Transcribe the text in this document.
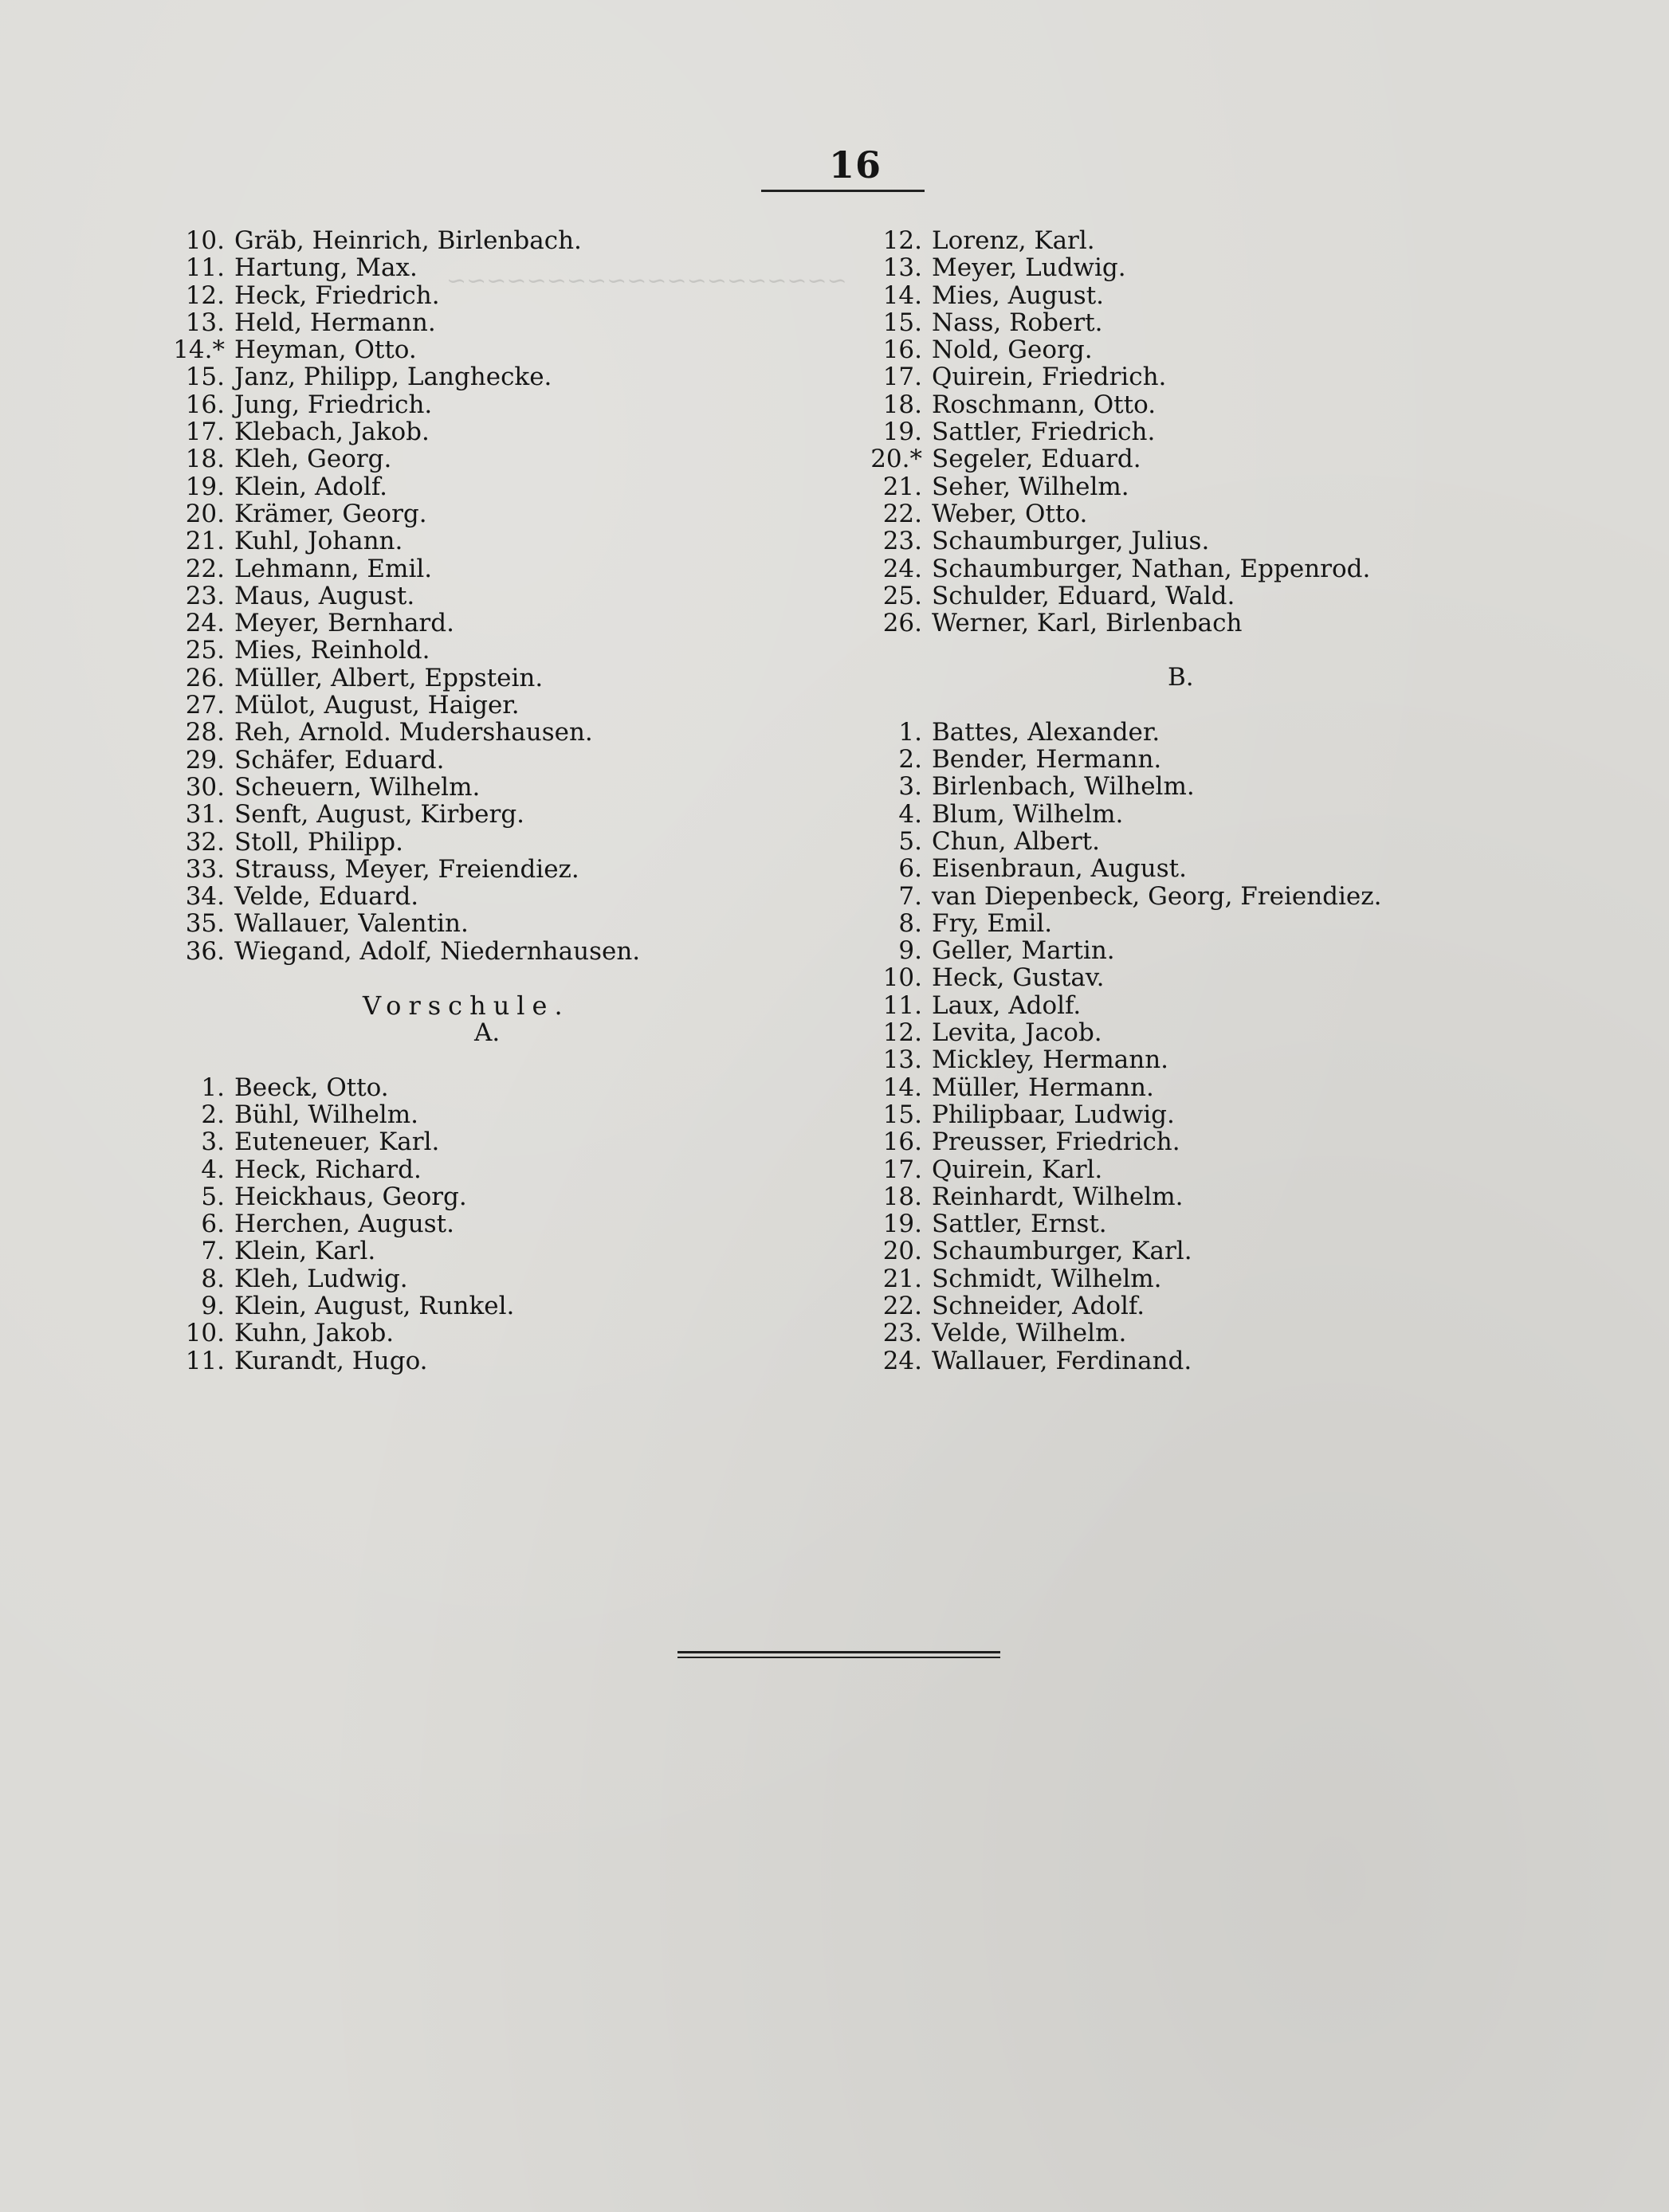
~~~~~~~~~~~~~~~~~~~~

16
10. Gräb, Heinrich, Birlenbach.
11. Hartung, Max.
12. Heck, Friedrich.
13. Held, Hermann.
14.* Heyman, Otto.
15. Janz, Philipp, Langhecke.
16. Jung, Friedrich.
17. Klebach, Jakob.
18. Kleh, Georg.
19. Klein, Adolf.
20. Krämer, Georg.
21. Kuhl, Johann.
22. Lehmann, Emil.
23. Maus, August.
24. Meyer, Bernhard.
25. Mies, Reinhold.
26. Müller, Albert, Eppstein.
27. Mülot, August, Haiger.
28. Reh, Arnold. Mudershausen.
29. Schäfer, Eduard.
30. Scheuern, Wilhelm.
31. Senft, August, Kirberg.
32. Stoll, Philipp.
33. Strauss, Meyer, Freiendiez.
34. Velde, Eduard.
35. Wallauer, Valentin.
36. Wiegand, Adolf, Niedernhausen.
Vorschule.
A.
1. Beeck, Otto.
2. Bühl, Wilhelm.
3. Euteneuer, Karl.
4. Heck, Richard.
5. Heickhaus, Georg.
6. Herchen, August.
7. Klein, Karl.
8. Kleh, Ludwig.
9. Klein, August, Runkel.
10. Kuhn, Jakob.
11. Kurandt, Hugo.
12. Lorenz, Karl.
13. Meyer, Ludwig.
14. Mies, August.
15. Nass, Robert.
16. Nold, Georg.
17. Quirein, Friedrich.
18. Roschmann, Otto.
19. Sattler, Friedrich.
20.* Segeler, Eduard.
21. Seher, Wilhelm.
22. Weber, Otto.
23. Schaumburger, Julius.
24. Schaumburger, Nathan, Eppenrod.
25. Schulder, Eduard, Wald.
26. Werner, Karl, Birlenbach
B.
1. Battes, Alexander.
2. Bender, Hermann.
3. Birlenbach, Wilhelm.
4. Blum, Wilhelm.
5. Chun, Albert.
6. Eisenbraun, August.
7. van Diepenbeck, Georg, Freiendiez.
8. Fry, Emil.
9. Geller, Martin.
10. Heck, Gustav.
11. Laux, Adolf.
12. Levita, Jacob.
13. Mickley, Hermann.
14. Müller, Hermann.
15. Philipbaar, Ludwig.
16. Preusser, Friedrich.
17. Quirein, Karl.
18. Reinhardt, Wilhelm.
19. Sattler, Ernst.
20. Schaumburger, Karl.
21. Schmidt, Wilhelm.
22. Schneider, Adolf.
23. Velde, Wilhelm.
24. Wallauer, Ferdinand.
